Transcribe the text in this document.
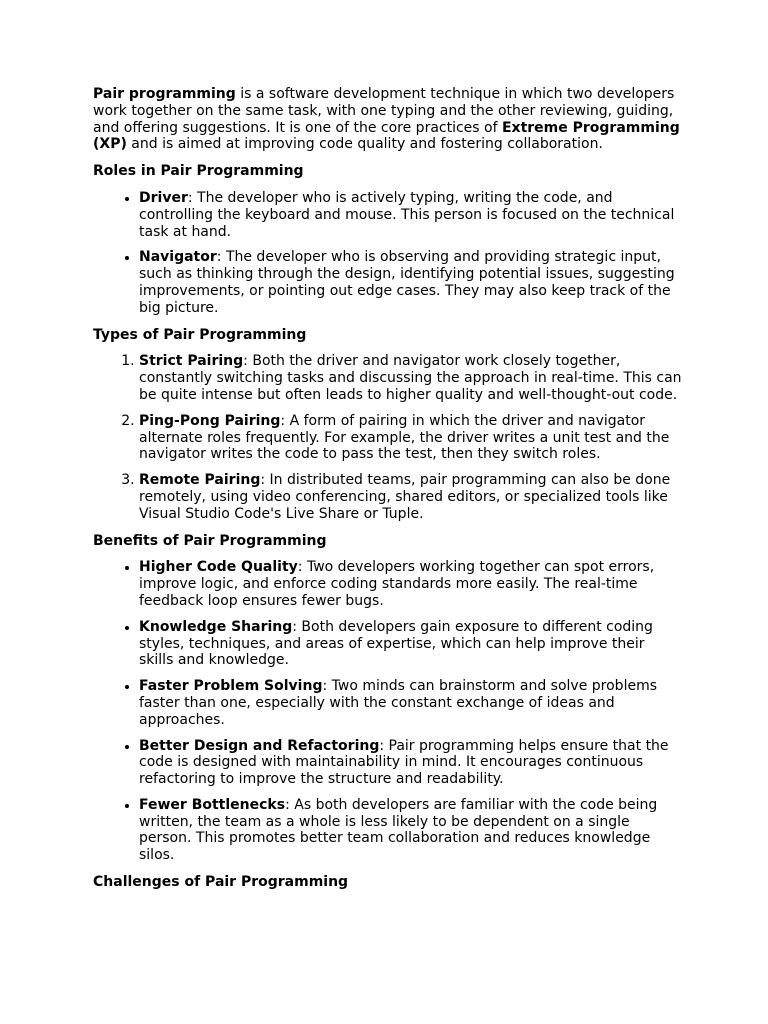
Pair programming is a software development technique in which two developers work together on the same task, with one typing and the other reviewing, guiding, and offering suggestions. It is one of the core practices of Extreme Programming (XP) and is aimed at improving code quality and fostering collaboration.

Roles in Pair Programming
• Driver: The developer who is actively typing, writing the code, and controlling the keyboard and mouse. This person is focused on the technical task at hand.
• Navigator: The developer who is observing and providing strategic input, such as thinking through the design, identifying potential issues, suggesting improvements, or pointing out edge cases. They may also keep track of the big picture.
Types of Pair Programming
1. Strict Pairing: Both the driver and navigator work closely together, constantly switching tasks and discussing the approach in real-time. This can be quite intense but often leads to higher quality and well-thought-out code.
2. Ping-Pong Pairing: A form of pairing in which the driver and navigator alternate roles frequently. For example, the driver writes a unit test and the navigator writes the code to pass the test, then they switch roles.
3. Remote Pairing: In distributed teams, pair programming can also be done remotely, using video conferencing, shared editors, or specialized tools like Visual Studio Code's Live Share or Tuple.
Benefits of Pair Programming
• Higher Code Quality: Two developers working together can spot errors, improve logic, and enforce coding standards more easily. The real-time feedback loop ensures fewer bugs.
• Knowledge Sharing: Both developers gain exposure to different coding styles, techniques, and areas of expertise, which can help improve their skills and knowledge.
• Faster Problem Solving: Two minds can brainstorm and solve problems faster than one, especially with the constant exchange of ideas and approaches.
• Better Design and Refactoring: Pair programming helps ensure that the code is designed with maintainability in mind. It encourages continuous refactoring to improve the structure and readability.
• Fewer Bottlenecks: As both developers are familiar with the code being written, the team as a whole is less likely to be dependent on a single person. This promotes better team collaboration and reduces knowledge silos.
Challenges of Pair Programming
